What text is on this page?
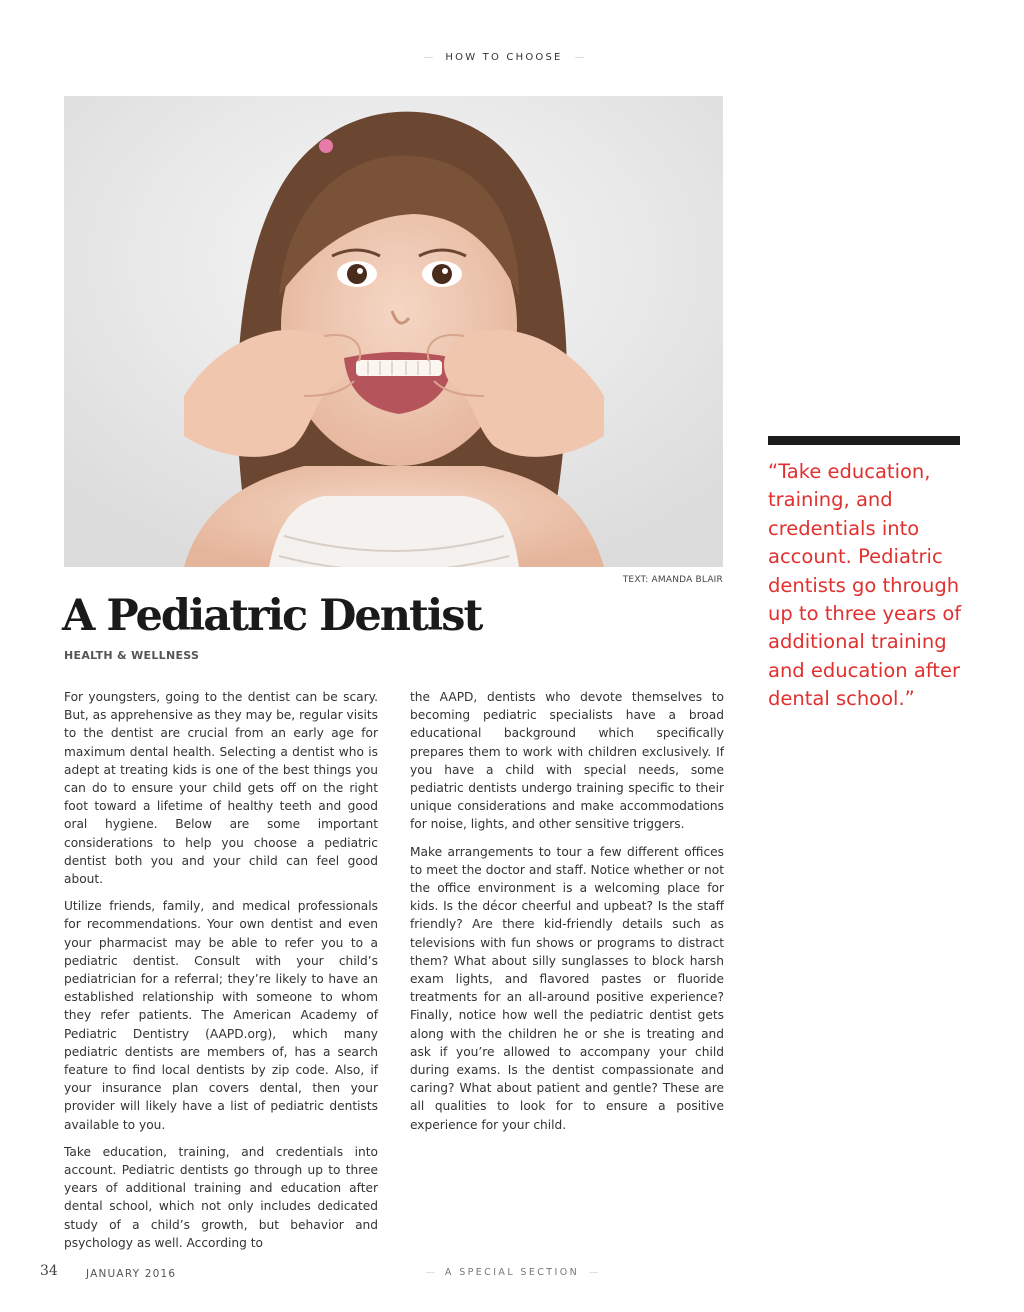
— HOW TO CHOOSE —
TEXT: AMANDA BLAIR
A Pediatric Dentist
HEALTH & WELLNESS

For youngsters, going to the dentist can be scary. But, as apprehensive as they may be, regular visits to the dentist are crucial from an early age for maximum dental health. Selecting a dentist who is adept at treating kids is one of the best things you can do to ensure your child gets off on the right foot toward a lifetime of healthy teeth and good oral hygiene. Below are some important considerations to help you choose a pediatric dentist both you and your child can feel good about.

Utilize friends, family, and medical professionals for recommendations. Your own dentist and even your pharmacist may be able to refer you to a pediatric dentist. Consult with your child’s pediatrician for a referral; they’re likely to have an established relationship with someone to whom they refer patients. The American Academy of Pediatric Dentistry (AAPD.org), which many pediatric dentists are members of, has a search feature to find local dentists by zip code. Also, if your insurance plan covers dental, then your provider will likely have a list of pediatric dentists available to you.

Take education, training, and credentials into account. Pediatric dentists go through up to three years of additional training and education after dental school, which not only includes dedicated study of a child’s growth, but behavior and psychology as well. According to

the AAPD, dentists who devote themselves to becoming pediatric specialists have a broad educational background which specifically prepares them to work with children exclusively. If you have a child with special needs, some pediatric dentists undergo training specific to their unique considerations and make accommodations for noise, lights, and other sensitive triggers.

Make arrangements to tour a few different offices to meet the doctor and staff. Notice whether or not the office environment is a welcoming place for kids. Is the décor cheerful and upbeat? Is the staff friendly? Are there kid-friendly details such as televisions with fun shows or programs to distract them? What about silly sunglasses to block harsh exam lights, and flavored pastes or fluoride treatments for an all-around positive experience? Finally, notice how well the pediatric dentist gets along with the children he or she is treating and ask if you’re allowed to accompany your child during exams. Is the dentist compassionate and caring? What about patient and gentle? These are all qualities to look for to ensure a positive experience for your child.

“Take education, training, and credentials into account. Pediatric dentists go through up to three years of additional training and education after dental school.”
34	JANUARY 2016	— A SPECIAL SECTION —
